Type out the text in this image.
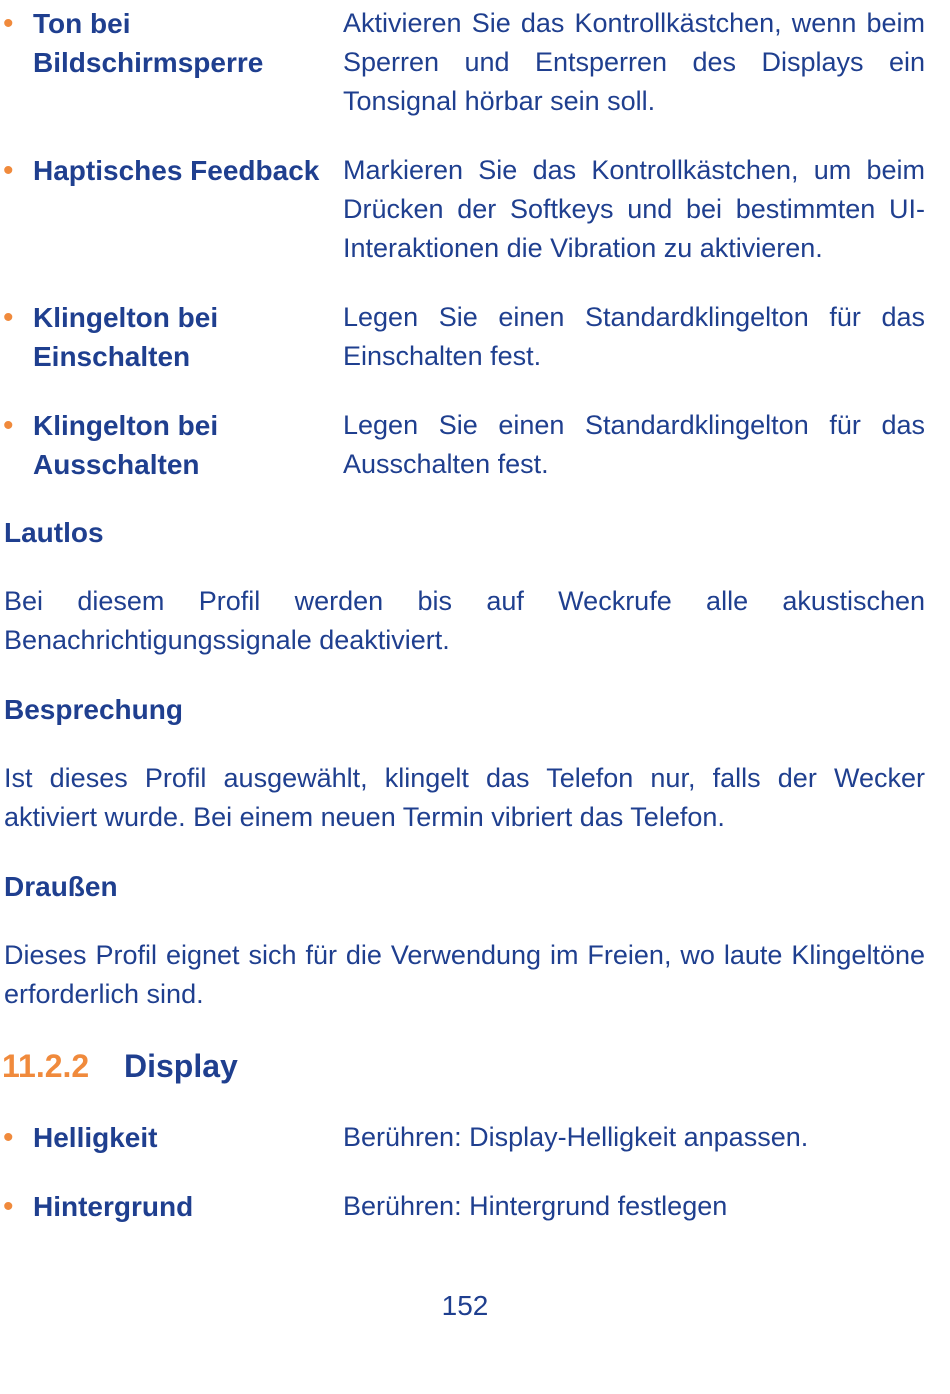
• Ton bei Bildschirmsperre
Aktivieren Sie das Kontrollkästchen, wenn beim Sperren und Entsperren des Displays ein Tonsignal hörbar sein soll.
• Haptisches Feedback Markieren Sie das Kontrollkästchen, um beim Drücken der Softkeys und bei bestimmten UI-Interaktionen die Vibration zu aktivieren.
• Klingelton bei Einschalten
Legen Sie einen Standardklingelton für das Einschalten fest.
• Klingelton bei Ausschalten
Legen Sie einen Standardklingelton für das Ausschalten fest.
Lautlos
Bei diesem Profil werden bis auf Weckrufe alle akustischen Benachrichtigungssignale deaktiviert.
Besprechung
Ist dieses Profil ausgewählt, klingelt das Telefon nur, falls der Wecker aktiviert wurde. Bei einem neuen Termin vibriert das Telefon.
Draußen
Dieses Profil eignet sich für die Verwendung im Freien, wo laute Klingeltöne erforderlich sind.
11.2.2 Display
• Helligkeit	Berühren: Display-Helligkeit anpassen.
• Hintergrund	Berühren: Hintergrund festlegen
152
